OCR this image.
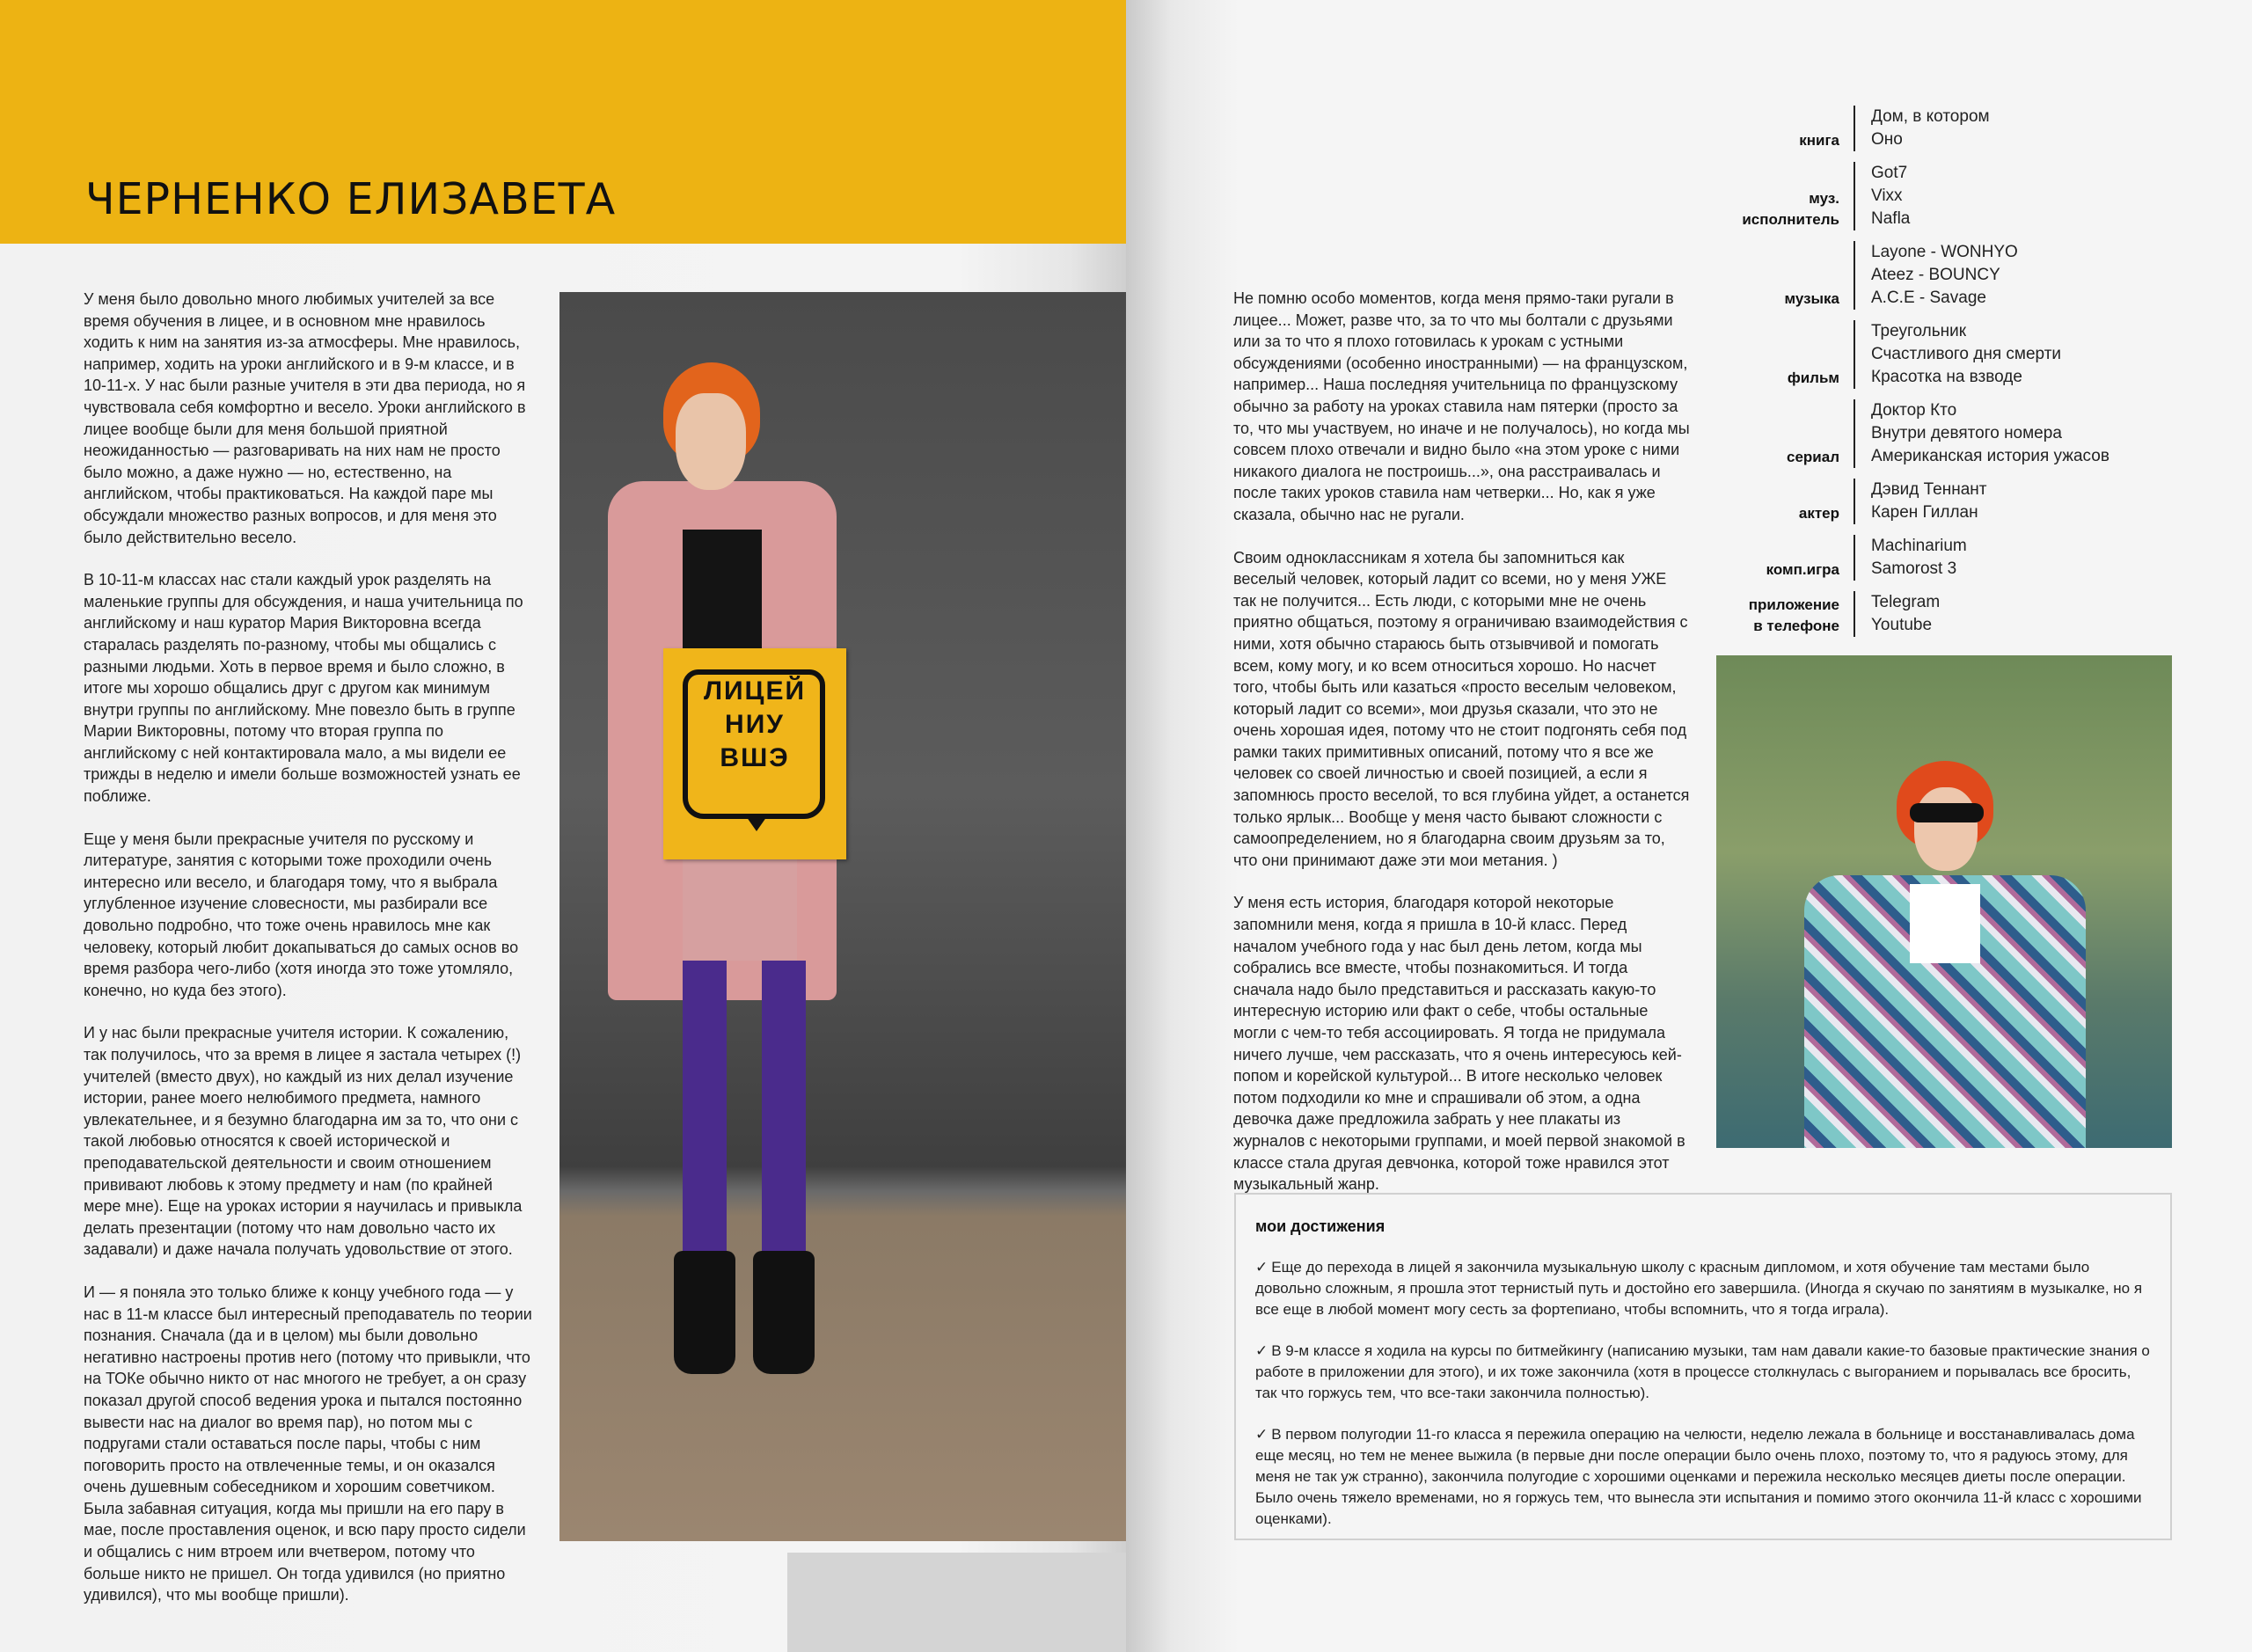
ЧЕРНЕНКО ЕЛИЗАВЕТА

У меня было довольно много любимых учителей за все время обучения в лицее, и в основном мне нравилось ходить к ним на занятия из-за атмосферы. Мне нравилось, например, ходить на уроки английского и в 9-м классе, и в 10-11-х. У нас были разные учителя в эти два периода, но я чувствовала себя комфортно и весело. Уроки английского в лицее вообще были для меня большой приятной неожиданностью — разговаривать на них нам не просто было можно, а даже нужно — но, естественно, на английском, чтобы практиковаться. На каждой паре мы обсуждали множество разных вопросов, и для меня это было действительно весело.

В 10-11-м классах нас стали каждый урок разделять на маленькие группы для обсуждения, и наша учительница по английскому и наш куратор Мария Викторовна всегда старалась разделять по-разному, чтобы мы общались с разными людьми. Хоть в первое время и было сложно, в итоге мы хорошо общались друг с другом как минимум внутри группы по английскому. Мне повезло быть в группе Марии Викторовны, потому что вторая группа по английскому с ней контактировала мало, а мы видели ее трижды в неделю и имели больше возможностей узнать ее поближе.

Еще у меня были прекрасные учителя по русскому и литературе, занятия с которыми тоже проходили очень интересно или весело, и благодаря тому, что я выбрала углубленное изучение словесности, мы разбирали все довольно подробно, что тоже очень нравилось мне как человеку, который любит докапываться до самых основ во время разбора чего-либо (хотя иногда это тоже утомляло, конечно, но куда без этого).

И у нас были прекрасные учителя истории. К сожалению, так получилось, что за время в лицее я застала четырех (!) учителей (вместо двух), но каждый из них делал изучение истории, ранее моего нелюбимого предмета, намного увлекательнее, и я безумно благодарна им за то, что они с такой любовью относятся к своей исторической и преподавательской деятельности и своим отношением прививают любовь к этому предмету и нам (по крайней мере мне). Еще на уроках истории я научилась и привыкла делать презентации (потому что нам довольно часто их задавали) и даже начала получать удовольствие от этого.

И — я поняла это только ближе к концу учебного года — у нас в 11-м классе был интересный преподаватель по теории познания. Сначала (да и в целом) мы были довольно негативно настроены против него (потому что привыкли, что на ТОКе обычно никто от нас многого не требует, а он сразу показал другой способ ведения урока и пытался постоянно вывести нас на диалог во время пар), но потом мы с подругами стали оставаться после пары, чтобы с ним поговорить просто на отвлеченные темы, и он оказался очень душевным собеседником и хорошим советчиком. Была забавная ситуация, когда мы пришли на его пару в мае, после проставления оценок, и всю пару просто сидели и общались с ним втроем или вчетвером, потому что больше никто не пришел. Он тогда удивился (но приятно удивился), что мы вообще пришли).

ЛИЦЕЙ
НИУ
ВШЭ

Не помню особо моментов, когда меня прямо-таки ругали в лицее... Может, разве что, за то что мы болтали с друзьями или за то что я плохо готовилась к урокам с устными обсуждениями (особенно иностранными) — на французском, например... Наша последняя учительница по французскому обычно за работу на уроках ставила нам пятерки (просто за то, что мы участвуем, но иначе и не получалось), но когда мы совсем плохо отвечали и видно было «на этом уроке с ними никакого диалога не построишь...», она расстраивалась и после таких уроков ставила нам четверки... Но, как я уже сказала, обычно нас не ругали.

Своим одноклассникам я хотела бы запомниться как веселый человек, который ладит со всеми, но у меня УЖЕ так не получится... Есть люди, с которыми мне не очень приятно общаться, поэтому я ограничиваю взаимодействия с ними, хотя обычно стараюсь быть отзывчивой и помогать всем, кому могу, и ко всем относиться хорошо. Но насчет того, чтобы быть или казаться «просто веселым человеком, который ладит со всеми», мои друзья сказали, что это не очень хорошая идея, потому что не стоит подгонять себя под рамки таких примитивных описаний, потому что я все же человек со своей личностью и своей позицией, а если я запомнюсь просто веселой, то вся глубина уйдет, а останется только ярлык... Вообще у меня часто бывают сложности с самоопределением, но я благодарна своим друзьям за то, что они принимают даже эти мои метания. )

У меня есть история, благодаря которой некоторые запомнили меня, когда я пришла в 10-й класс. Перед началом учебного года у нас был день летом, когда мы собрались все вместе, чтобы познакомиться. И тогда сначала надо было представиться и рассказать какую-то интересную историю или факт о себе, чтобы остальные могли с чем-то тебя ассоциировать. Я тогда не придумала ничего лучше, чем рассказать, что я очень интересуюсь кей-попом и корейской культурой... В итоге несколько человек потом подходили ко мне и спрашивали об этом, а одна девочка даже предложила забрать у нее плакаты из журналов с некоторыми группами, и моей первой знакомой в классе стала другая девчонка, которой тоже нравился этот музыкальный жанр.

книга
Дом, в котором
Оно
муз.
исполнитель
Got7
Vixx
Nafla
музыка
Layone - WONHYO
Ateez - BOUNCY
A.C.E - Savage
фильм
Треугольник
Счастливого дня смерти
Красотка на взводе
сериал
Доктор Кто
Внутри девятого номера
Американская история ужасов
актер
Дэвид Теннант
Карен Гиллан
комп.игра
Machinarium
Samorost 3
приложение
в телефоне
Telegram
Youtube
мои достижения
✓ Еще до перехода в лицей я закончила музыкальную школу с красным дипломом, и хотя обучение там местами было довольно сложным, я прошла этот тернистый путь и достойно его завершила. (Иногда я скучаю по занятиям в музыкалке, но я все еще в любой момент могу сесть за фортепиано, чтобы вспомнить, что я тогда играла).
✓ В 9-м классе я ходила на курсы по битмейкингу (написанию музыки, там нам давали какие-то базовые практические знания о работе в приложении для этого), и их тоже закончила (хотя в процессе столкнулась с выгоранием и порывалась все бросить, так что горжусь тем, что все-таки закончила полностью).
✓ В первом полугодии 11-го класса я пережила операцию на челюсти, неделю лежала в больнице и восстанавливалась дома еще месяц, но тем не менее выжила (в первые дни после операции было очень плохо, поэтому то, что я радуюсь этому, для меня не так уж странно), закончила полугодие с хорошими оценками и пережила несколько месяцев диеты после операции. Было очень тяжело временами, но я горжусь тем, что вынесла эти испытания и помимо этого окончила 11-й класс с хорошими оценками).
